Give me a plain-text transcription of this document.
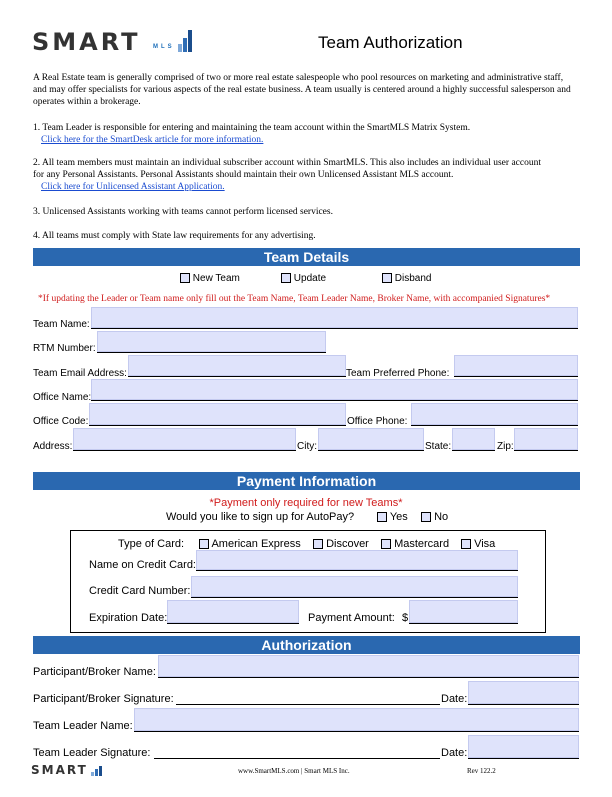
SMART MLS	Team Authorization
A Real Estate team is generally comprised of two or more real estate salespeople who pool resources on marketing and administrative staff, and may offer specialists for various aspects of the real estate business. A team usually is centered around a highly successful salesperson and operates within a brokerage.
1. Team Leader is responsible for entering and maintaining the team account within the SmartMLS Matrix System.
Click here for the SmartDesk article for more information.
2. All team members must maintain an individual subscriber account within SmartMLS. This also includes an individual user account for any Personal Assistants. Personal Assistants should maintain their own Unlicensed Assistant MLS account.
Click here for Unlicensed Assistant Application.
3. Unlicensed Assistants working with teams cannot perform licensed services.
4. All teams must comply with State law requirements for any advertising.
Team Details
New Team	Update	Disband
*If updating the Leader or Team name only fill out the Team Name, Team Leader Name, Broker Name, with accompanied Signatures*
Team Name:
RTM Number:
Team Email Address:	Team Preferred Phone:
Office Name:
Office Code:	Office Phone:
Address:	City:	State:	Zip:
Payment Information
*Payment only required for new Teams*
Would you like to sign up for AutoPay?	Yes	No
Type of Card:	American Express	Discover	Mastercard	Visa
Name on Credit Card:
Credit Card Number:
Expiration Date:	Payment Amount: $
Authorization
Participant/Broker Name:
Participant/Broker Signature:	Date:
Team Leader Name:
Team Leader Signature:	Date:
SMART	www.SmartMLS.com | Smart MLS Inc.	Rev 122.2
